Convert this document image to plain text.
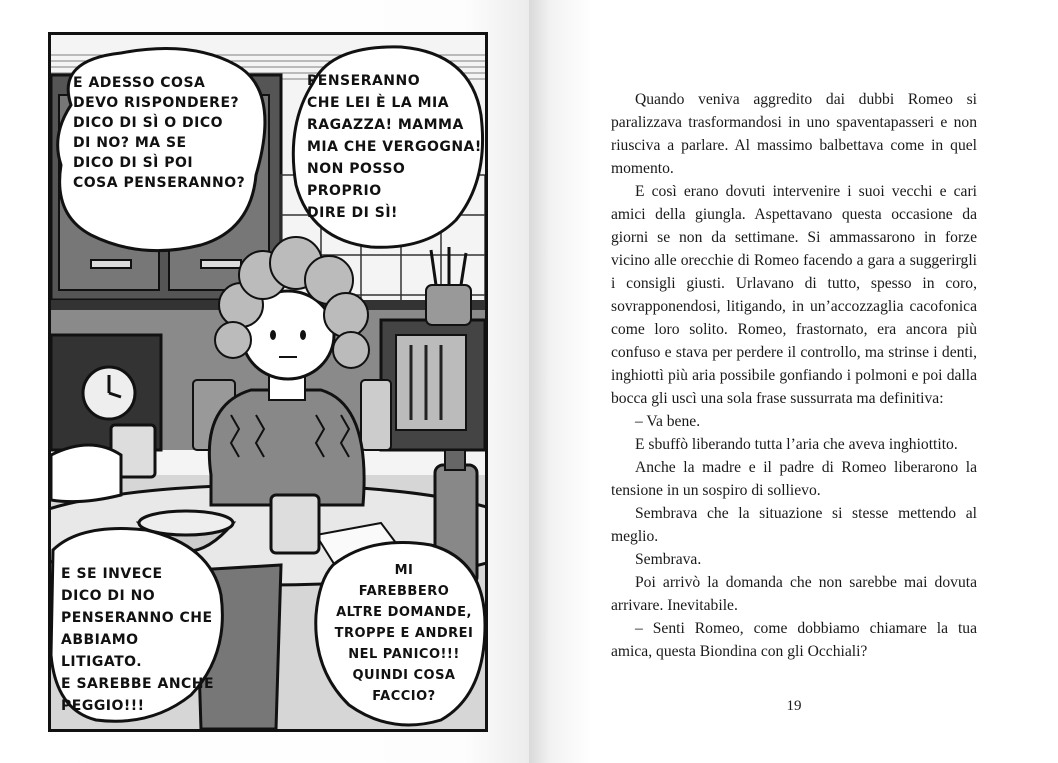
E ADESSO COSA
DEVO RISPONDERE?
DICO DI SÌ O DICO
DI NO? MA SE
DICO DI SÌ POI
COSA PENSERANNO?
PENSERANNO
CHE LEI È LA MIA
RAGAZZA! MAMMA
MIA CHE VERGOGNA!
NON POSSO PROPRIO
DIRE DI SÌ!
E SE INVECE
DICO DI NO
PENSERANNO CHE
ABBIAMO LITIGATO.
E SAREBBE ANCHE
PEGGIO!!!
MI
FAREBBERO
ALTRE DOMANDE,
TROPPE E ANDREI
NEL PANICO!!!
QUINDI COSA
FACCIO?

Quando veniva aggredito dai dubbi Romeo si paralizzava trasformandosi in uno spaventapasseri e non riusciva a parlare. Al massimo balbettava come in quel momento.

E così erano dovuti intervenire i suoi vecchi e cari amici della giungla. Aspettavano questa occasione da giorni se non da settimane. Si ammassarono in forze vicino alle orecchie di Romeo facendo a gara a suggerirgli i consigli giusti. Urlavano di tutto, spesso in coro, sovrapponendosi, litigando, in un’accozzaglia cacofonica come loro solito. Romeo, frastornato, era ancora più confuso e stava per perdere il controllo, ma strinse i denti, inghiottì più aria possibile gonfiando i polmoni e poi dalla bocca gli uscì una sola frase sussurrata ma definitiva:

– Va bene.

E sbuffò liberando tutta l’aria che aveva inghiottito.

Anche la madre e il padre di Romeo liberarono la tensione in un sospiro di sollievo.

Sembrava che la situazione si stesse mettendo al meglio.

Sembrava.

Poi arrivò la domanda che non sarebbe mai dovuta arrivare. Inevitabile.

– Senti Romeo, come dobbiamo chiamare la tua amica, questa Biondina con gli Occhiali?

19
